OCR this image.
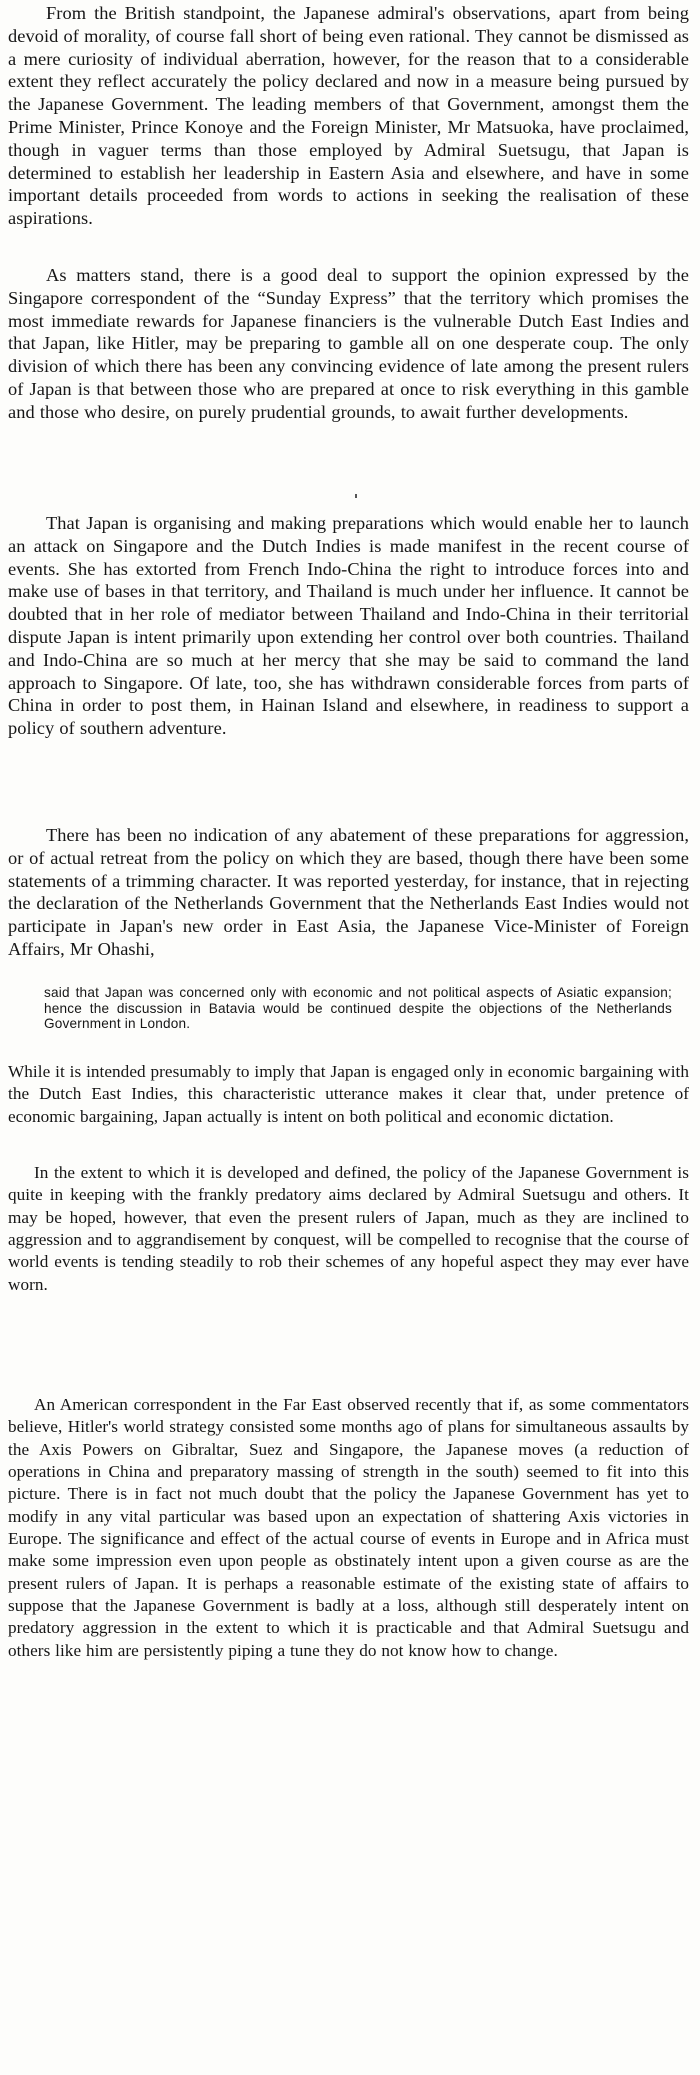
From the British standpoint, the Japanese admiral's observations, apart from being devoid of morality, of course fall short of being even rational. They cannot be dismissed as a mere curiosity of individual aberration, however, for the reason that to a considerable extent they reflect accurately the policy declared and now in a measure being pursued by the Japanese Government. The leading members of that Government, amongst them the Prime Minister, Prince Konoye and the Foreign Minister, Mr Matsuoka, have proclaimed, though in vaguer terms than those employed by Admiral Suetsugu, that Japan is determined to establish her leadership in Eastern Asia and elsewhere, and have in some important details proceeded from words to actions in seeking the realisation of these aspirations.

As matters stand, there is a good deal to support the opinion expressed by the Singapore correspondent of the “Sunday Express” that the territory which promises the most immediate rewards for Japanese financiers is the vulnerable Dutch East Indies and that Japan, like Hitler, may be preparing to gamble all on one desperate coup. The only division of which there has been any convincing evidence of late among the present rulers of Japan is that between those who are prepared at once to risk everything in this gamble and those who desire, on purely prudential grounds, to await further developments.

That Japan is organising and making preparations which would enable her to launch an attack on Singapore and the Dutch Indies is made manifest in the recent course of events. She has extorted from French Indo-China the right to introduce forces into and make use of bases in that territory, and Thailand is much under her influence. It cannot be doubted that in her role of mediator between Thailand and Indo-China in their territorial dispute Japan is intent primarily upon extending her control over both countries. Thailand and Indo-China are so much at her mercy that she may be said to command the land approach to Singapore. Of late, too, she has withdrawn considerable forces from parts of China in order to post them, in Hainan Island and elsewhere, in readiness to support a policy of southern adventure.

There has been no indication of any abatement of these preparations for aggression, or of actual retreat from the policy on which they are based, though there have been some statements of a trimming character. It was reported yesterday, for instance, that in rejecting the declaration of the Netherlands Government that the Netherlands East Indies would not participate in Japan's new order in East Asia, the Japanese Vice-Minister of Foreign Affairs, Mr Ohashi,

said that Japan was concerned only with economic and not political aspects of Asiatic expansion; hence the discussion in Batavia would be continued despite the objections of the Netherlands Government in London.

While it is intended presumably to imply that Japan is engaged only in economic bargaining with the Dutch East Indies, this characteristic utterance makes it clear that, under pretence of economic bargaining, Japan actually is intent on both political and economic dictation.

In the extent to which it is developed and defined, the policy of the Japanese Government is quite in keeping with the frankly predatory aims declared by Admiral Suetsugu and others. It may be hoped, however, that even the present rulers of Japan, much as they are inclined to aggression and to aggrandisement by conquest, will be compelled to recognise that the course of world events is tending steadily to rob their schemes of any hopeful aspect they may ever have worn.

An American correspondent in the Far East observed recently that if, as some commentators believe, Hitler's world strategy consisted some months ago of plans for simultaneous assaults by the Axis Powers on Gibraltar, Suez and Singapore, the Japanese moves (a reduction of operations in China and preparatory massing of strength in the south) seemed to fit into this picture. There is in fact not much doubt that the policy the Japanese Government has yet to modify in any vital particular was based upon an expectation of shattering Axis victories in Europe. The significance and effect of the actual course of events in Europe and in Africa must make some impression even upon people as obstinately intent upon a given course as are the present rulers of Japan. It is perhaps a reasonable estimate of the existing state of affairs to suppose that the Japanese Government is badly at a loss, although still desperately intent on predatory aggression in the extent to which it is practicable and that Admiral Suetsugu and others like him are persistently piping a tune they do not know how to change.
